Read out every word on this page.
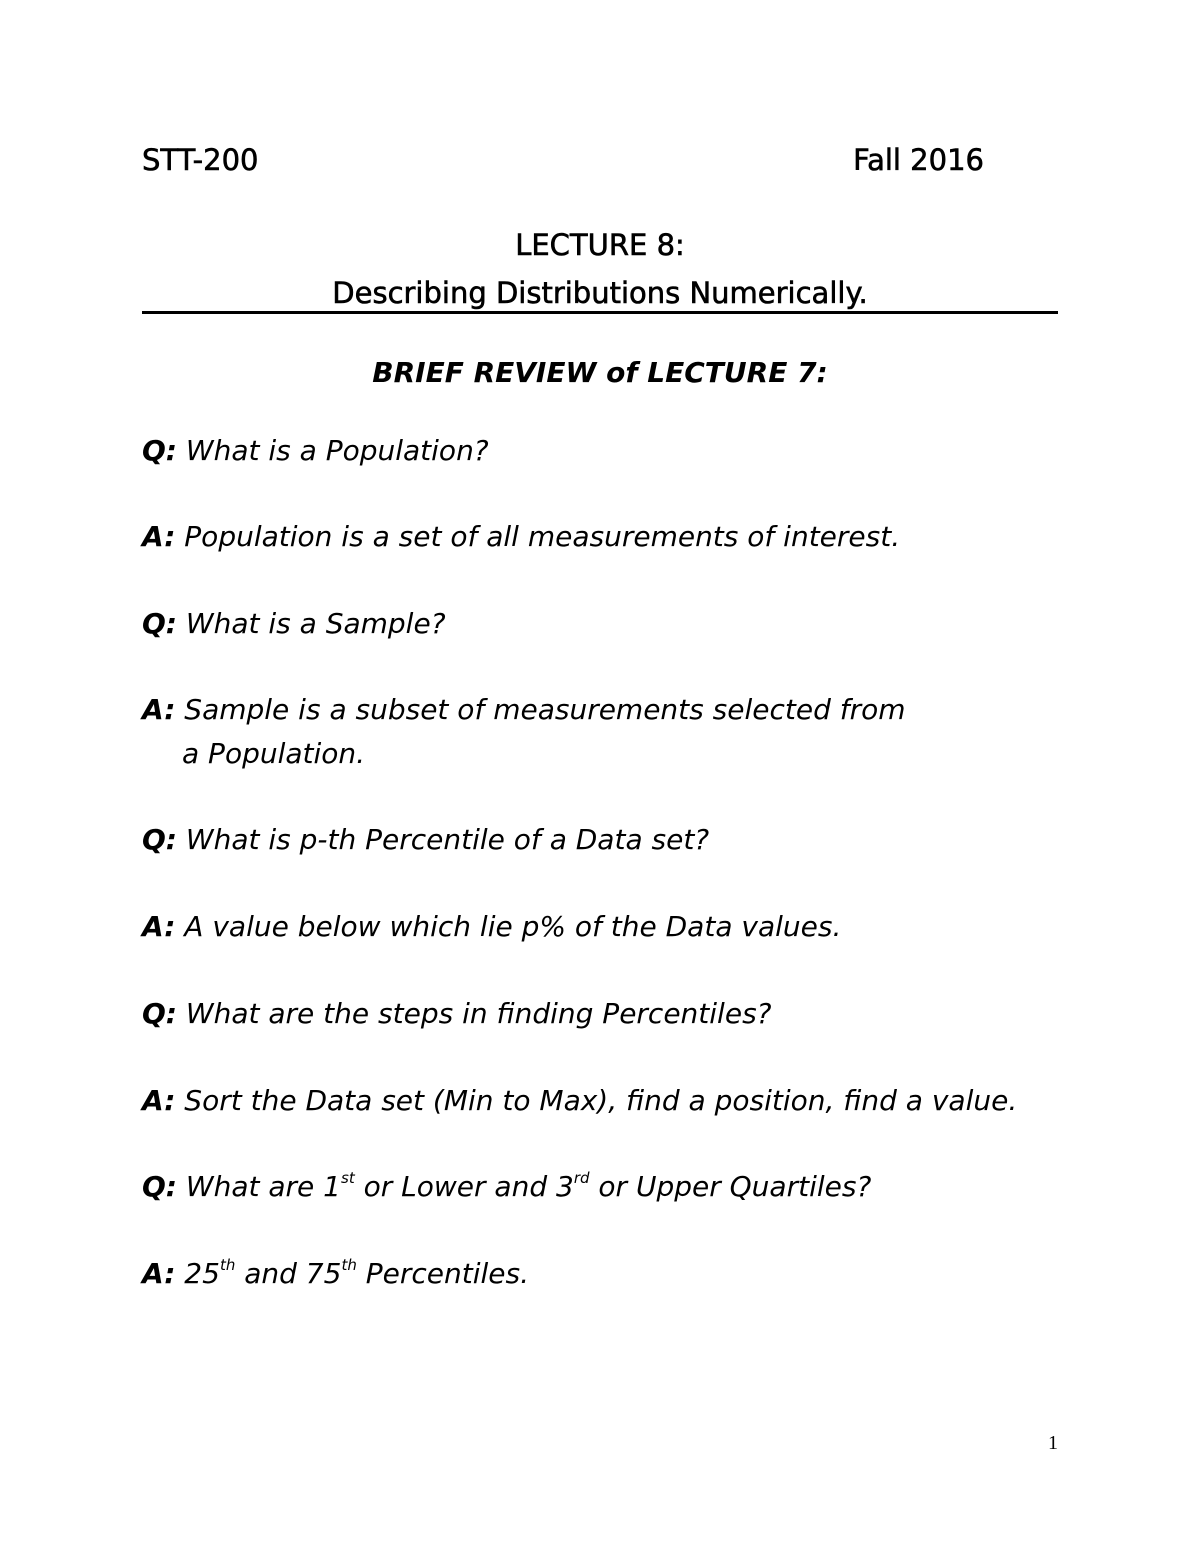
STT-200	Fall 2016
LECTURE 8:
Describing Distributions Numerically.
BRIEF REVIEW of LECTURE 7:
Q: What is a Population?
A: Population is a set of all measurements of interest.
Q: What is a Sample?
A: Sample is a subset of measurements selected from
a Population.
Q: What is p-th Percentile of a Data set?
A: A value below which lie p% of the Data values.
Q: What are the steps in finding Percentiles?
A: Sort the Data set (Min to Max), find a position, find a value.
Q: What are 1st or Lower and 3rd or Upper Quartiles?
A: 25th and 75th Percentiles.
1
